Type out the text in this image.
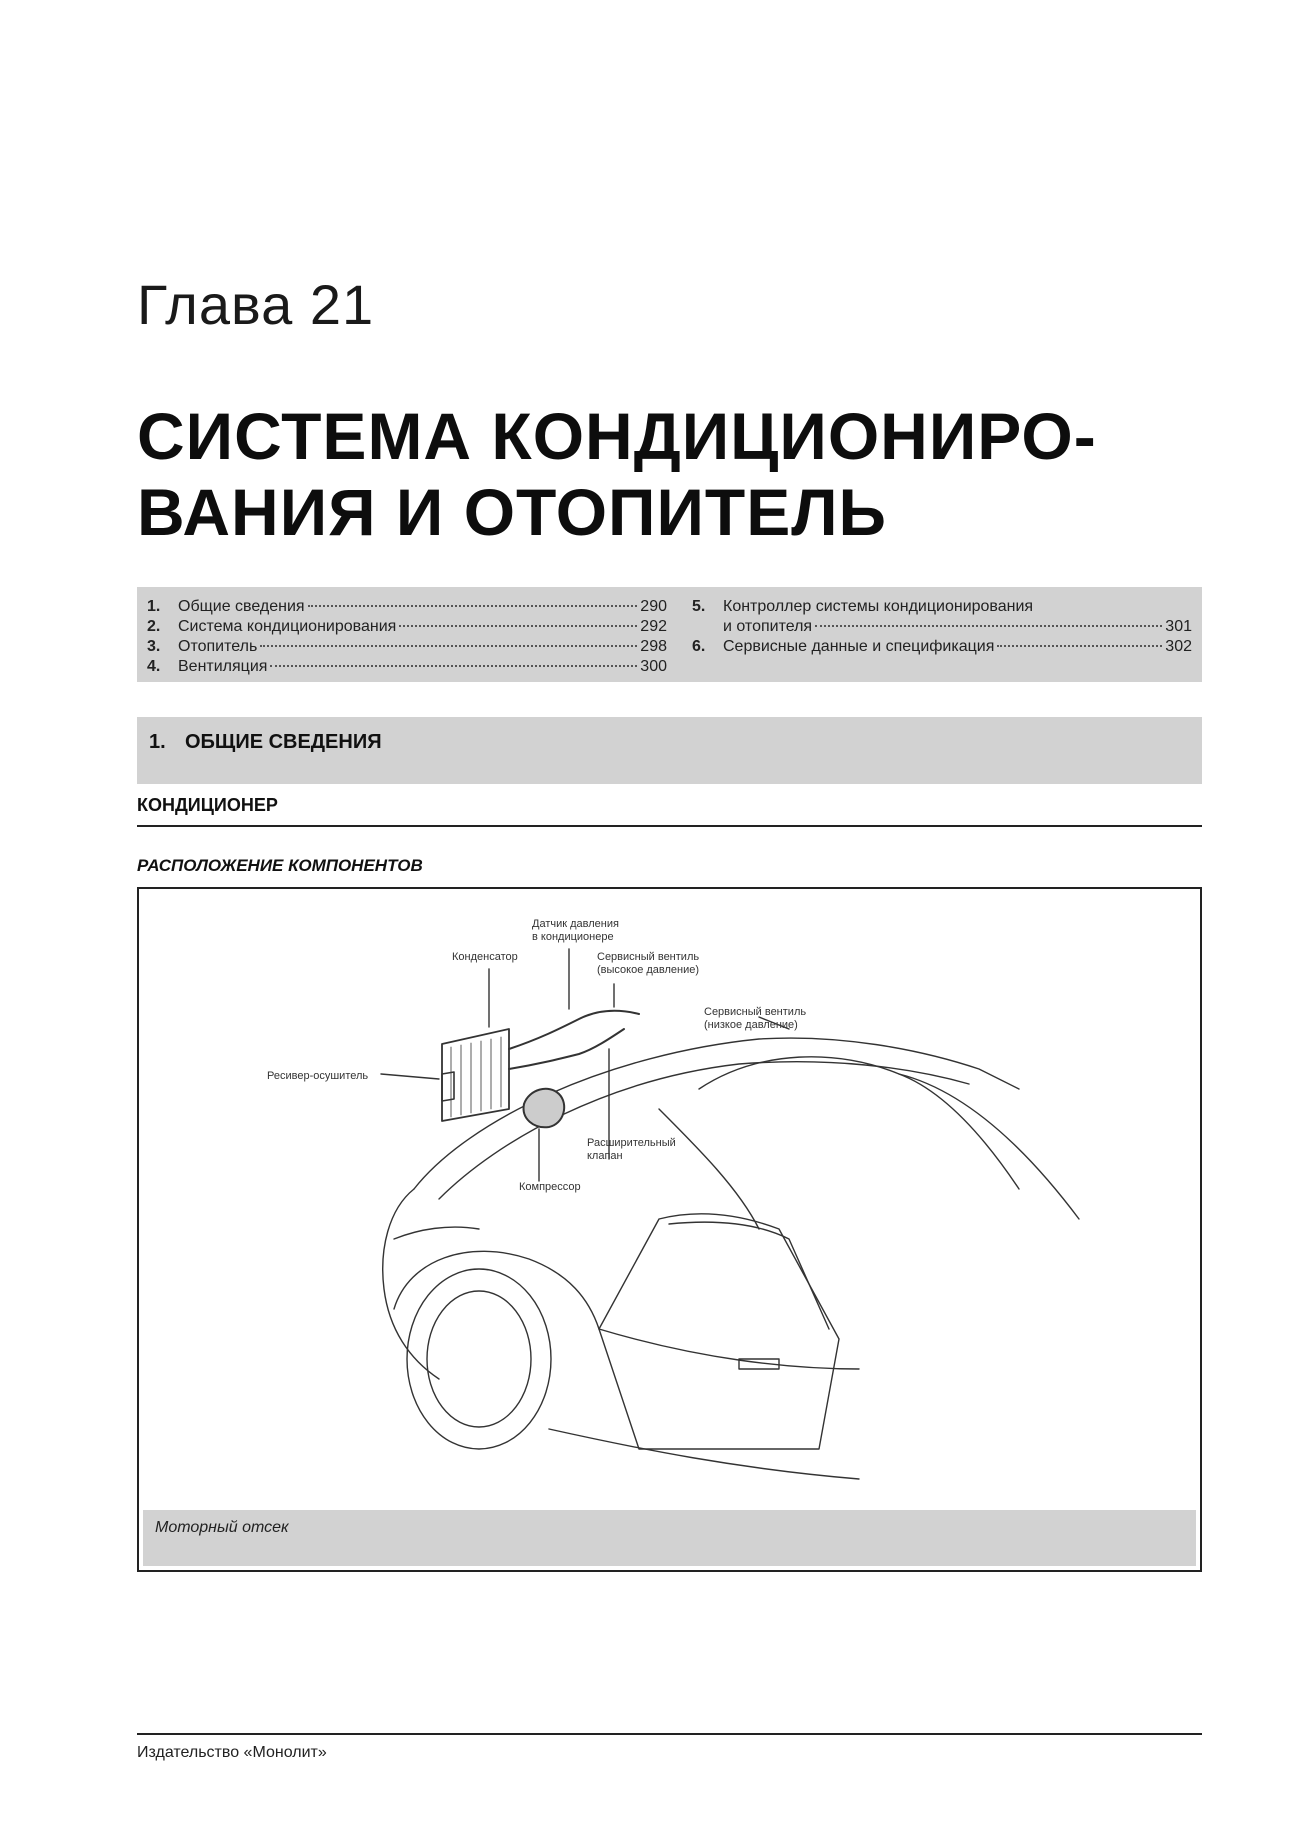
Глава 21
СИСТЕМА КОНДИЦИОНИРО-
ВАНИЯ И ОТОПИТЕЛЬ
1.	Общие сведения	290
2.	Система кондиционирования	292
3.	Отопитель	298
4.	Вентиляция	300
5.	Контроллер системы кондиционирования
и отопителя	301
6.	Сервисные данные и спецификация	302
1. ОБЩИЕ СВЕДЕНИЯ
КОНДИЦИОНЕР
РАСПОЛОЖЕНИЕ КОМПОНЕНТОВ
Датчик давления
в кондиционере
Конденсатор	Сервисный вентиль
(высокое давление)
Сервисный вентиль
(низкое давление)
Ресивер-осушитель
Расширительный
клапан
Компрессор
Моторный отсек
Издательство «Монолит»
